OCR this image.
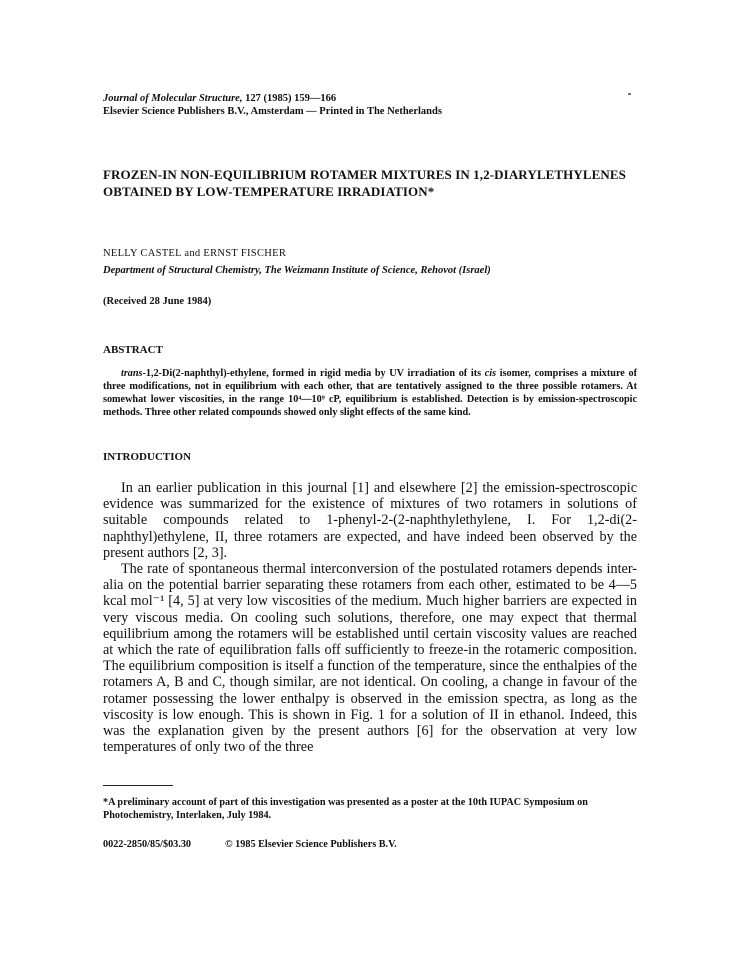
Journal of Molecular Structure, 127 (1985) 159—166
Elsevier Science Publishers B.V., Amsterdam — Printed in The Netherlands
FROZEN-IN NON-EQUILIBRIUM ROTAMER MIXTURES IN 1,2-DIARYLETHYLENES OBTAINED BY LOW-TEMPERATURE IRRADIATION*
NELLY CASTEL and ERNST FISCHER
Department of Structural Chemistry, The Weizmann Institute of Science, Rehovot (Israel)
(Received 28 June 1984)
ABSTRACT

trans-1,2-Di(2-naphthyl)-ethylene, formed in rigid media by UV irradiation of its cis isomer, comprises a mixture of three modifications, not in equilibrium with each other, that are tentatively assigned to the three possible rotamers. At somewhat lower viscosities, in the range 10⁴—10⁹ cP, equilibrium is established. Detection is by emission-spectroscopic methods. Three other related compounds showed only slight effects of the same kind.

INTRODUCTION

In an earlier publication in this journal [1] and elsewhere [2] the emission-spectroscopic evidence was summarized for the existence of mixtures of two rotamers in solutions of suitable compounds related to 1-phenyl-2-(2-naphthylethylene, I. For 1,2-di(2-naphthyl)ethylene, II, three rotamers are expected, and have indeed been observed by the present authors [2, 3].

The rate of spontaneous thermal interconversion of the postulated rotamers depends inter-alia on the potential barrier separating these rotamers from each other, estimated to be 4—5 kcal mol⁻¹ [4, 5] at very low viscosities of the medium. Much higher barriers are expected in very viscous media. On cooling such solutions, therefore, one may expect that thermal equilibrium among the rotamers will be established until certain viscosity values are reached at which the rate of equilibration falls off sufficiently to freeze-in the rotameric composition. The equilibrium composition is itself a function of the temperature, since the enthalpies of the rotamers A, B and C, though similar, are not identical. On cooling, a change in favour of the rotamer possessing the lower enthalpy is observed in the emission spectra, as long as the viscosity is low enough. This is shown in Fig. 1 for a solution of II in ethanol. Indeed, this was the explanation given by the present authors [6] for the observation at very low temperatures of only two of the three

*A preliminary account of part of this investigation was presented as a poster at the 10th IUPAC Symposium on Photochemistry, Interlaken, July 1984.
0022-2850/85/$03.30	© 1985 Elsevier Science Publishers B.V.
